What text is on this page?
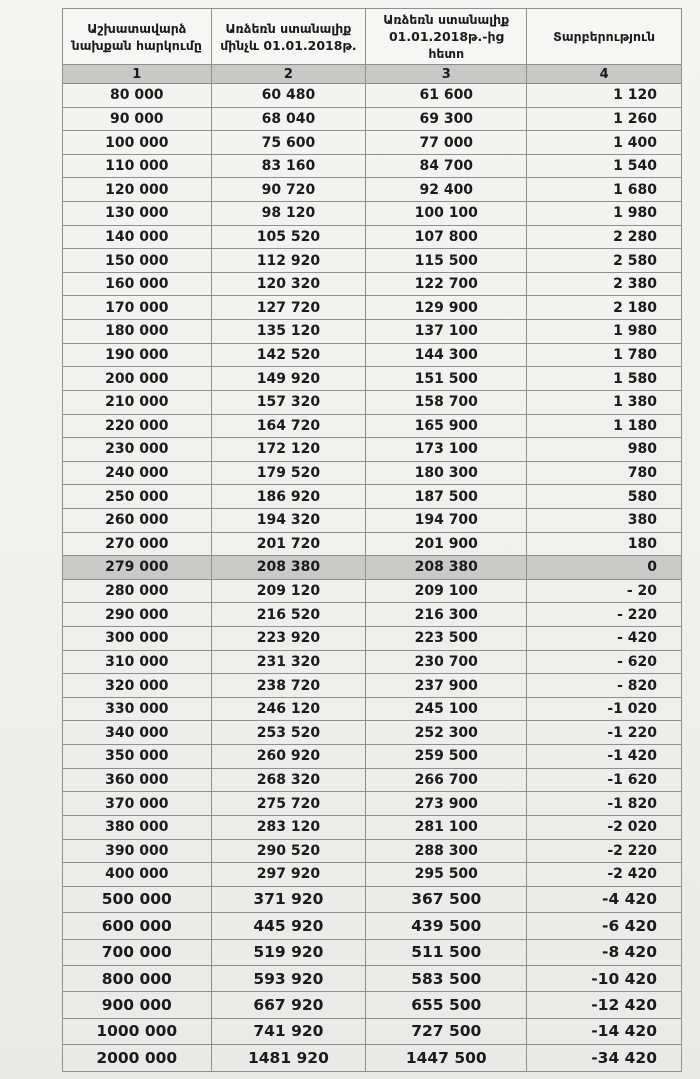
Աշխատավարձ նախքան հարկումը	Առձեռն ստանալիք մինչև 01.01.2018թ.	Առձեռն ստանալիք 01.01.2018թ.-ից հետո	Տարբերություն
1	2	3	4
80 000	60 480	61 600	1 120
90 000	68 040	69 300	1 260
100 000	75 600	77 000	1 400
110 000	83 160	84 700	1 540
120 000	90 720	92 400	1 680
130 000	98 120	100 100	1 980
140 000	105 520	107 800	2 280
150 000	112 920	115 500	2 580
160 000	120 320	122 700	2 380
170 000	127 720	129 900	2 180
180 000	135 120	137 100	1 980
190 000	142 520	144 300	1 780
200 000	149 920	151 500	1 580
210 000	157 320	158 700	1 380
220 000	164 720	165 900	1 180
230 000	172 120	173 100	980
240 000	179 520	180 300	780
250 000	186 920	187 500	580
260 000	194 320	194 700	380
270 000	201 720	201 900	180
279 000	208 380	208 380	0
280 000	209 120	209 100	- 20
290 000	216 520	216 300	- 220
300 000	223 920	223 500	- 420
310 000	231 320	230 700	- 620
320 000	238 720	237 900	- 820
330 000	246 120	245 100	-1 020
340 000	253 520	252 300	-1 220
350 000	260 920	259 500	-1 420
360 000	268 320	266 700	-1 620
370 000	275 720	273 900	-1 820
380 000	283 120	281 100	-2 020
390 000	290 520	288 300	-2 220
400 000	297 920	295 500	-2 420
500 000	371 920	367 500	-4 420
600 000	445 920	439 500	-6 420
700 000	519 920	511 500	-8 420
800 000	593 920	583 500	-10 420
900 000	667 920	655 500	-12 420
1000 000	741 920	727 500	-14 420
2000 000	1481 920	1447 500	-34 420
